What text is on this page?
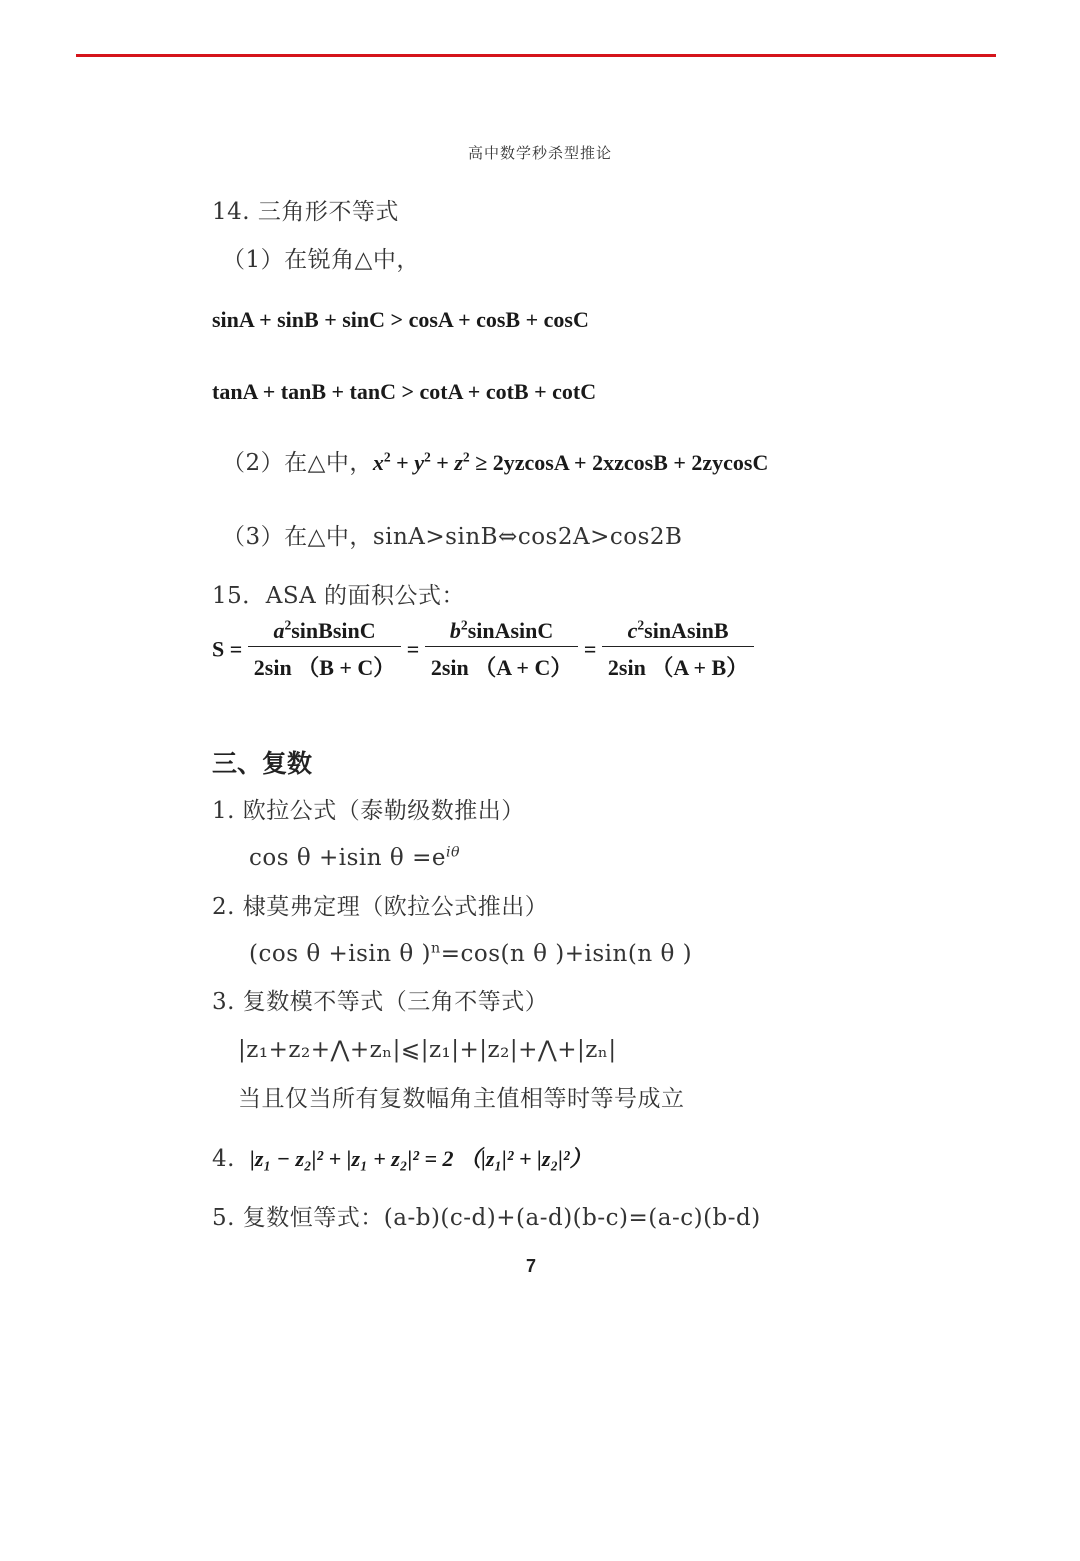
高中数学秒杀型推论
14. 三角形不等式
（1）在锐角△中，
sinA + sinB + sinC > cosA + cosB + cosC
tanA + tanB + tanC > cotA + cotB + cotC
（2）在△中，$x^2 + y^2 + z^2 \ge 2yzcosA + 2xzcosB + 2zycosC$
（3）在△中，sinA>sinB⇔cos2A>cos2B
15．ASA 的面积公式：
$S = \frac{a^2sinBsinC}{2\sin (B + C)} = \frac{b^2sinAsinC}{2\sin (A + C)} = \frac{c^2sinAsinB}{2\sin (A + B)}$
三、复数
1. 欧拉公式（泰勒级数推出）
cos θ +isin $\theta =e^{i\theta}$
2. 棣莫弗定理（欧拉公式推出）
(cos θ +isin θ )$^n$=cos(n θ )+isin(n θ )
3. 复数模不等式（三角不等式）
|z₁+z₂+⋀+zₙ|⩽|z₁|+|z₂|+⋀+|zₙ|
当且仅当所有复数幅角主值相等时等号成立
4. |z₁ − z₂|² + |z₁ + z₂|² = 2 （|z₁|² + |z₂|²）
5. 复数恒等式：(a-b)(c-d)+(a-d)(b-c)=(a-c)(b-d)
7
